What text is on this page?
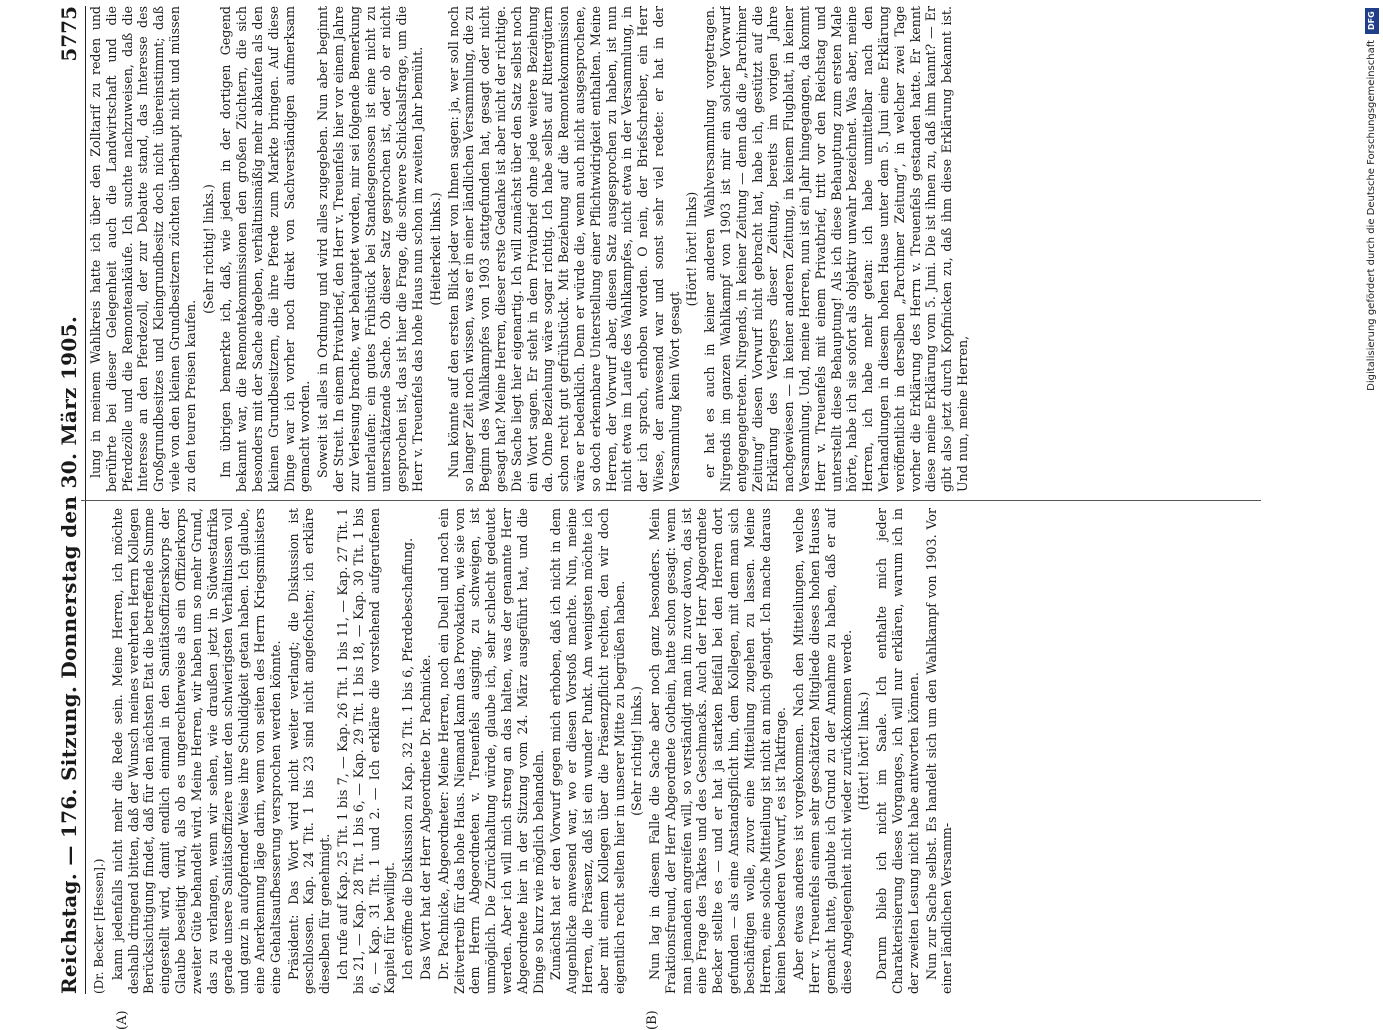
Reichstag. — 176. Sitzung. Donnerstag den 30. März 1905.
5775
(Dr. Becker [Hessen].) kann jedenfalls nicht mehr die Rede sein. Meine Herren, ich möchte deshalb dringend bitten, daß der Wunsch meines verehrten Herrn Kollegen Berücksichtigung findet, daß für den nächsten Etat die betreffende Summe eingestellt wird, damit endlich einmal in den Sanitätsoffizierskorps der Glaube beseitigt wird, als ob es ungerechterweise als ein Offizierkorps zweiter Güte behandelt wird. Meine Herren, wir haben um so mehr Grund, das zu verlangen, wenn wir sehen, wie draußen jetzt in Südwestafrika gerade unsere Sanitätsoffiziere unter den schwierigsten Verhältnissen voll und ganz in aufopfernder Weise ihre Schuldigkeit getan haben. Ich glaube, eine Anerkennung läge darin, wenn von seiten des Herrn Kriegsministers eine Gehaltsaufbesserung versprochen werden könnte. Präsident: Das Wort wird nicht weiter verlangt; die Diskussion ist geschlossen. Kap. 24 Tit. 1 bis 23 sind nicht angefochten; ich erkläre dieselben für genehmigt. Ich rufe auf Kap. 25 Tit. 1 bis 7, — Kap. 26 Tit. 1 bis 11, — Kap. 27 Tit. 1 bis 21, — Kap. 28 Tit. 1 bis 6, — Kap. 29 Tit. 1 bis 18, — Kap. 30 Tit. 1 bis 6, — Kap. 31 Tit. 1 und 2. — Ich erkläre die vorstehend aufgerufenen Kapitel für bewilligt. Ich eröffne die Diskussion zu Kap. 32 Tit. 1 bis 6, Pferdebeschaffung. Das Wort hat der Herr Abgeordnete Dr. Pachnicke. Dr. Pachnicke, Abgeordneter: Meine Herren, noch ein Duell und noch ein Zeitvertreib für das hohe Haus. Niemand kann das Provokation, wie sie von dem Herrn Abgeordneten v. Treuenfels ausging, zu schweigen, ist unmöglich. Die Zurückhaltung würde, glaube ich, sehr schlecht gedeutet werden. Aber ich will mich streng an das halten, was der genannte Herr Abgeordnete hier in der Sitzung vom 24. März ausgeführt hat, und die Dinge so kurz wie möglich behandeln. Zunächst hat er den Vorwurf gegen mich erhoben, daß ich nicht in dem Augenblicke anwesend war, wo er diesen Vorstoß machte. Nun, meine Herren, die Präsenz, daß ist ein wunder Punkt. Am wenigsten möchte ich aber mit einem Kollegen über die Präsenzpflicht rechten, den wir doch eigentlich recht selten hier in unserer Mitte zu begrüßen haben. (Sehr richtig! links.) Nun lag in diesem Falle die Sache aber noch ganz besonders. Mein Fraktionsfreund, der Herr Abgeordnete Gothein, hatte schon gesagt: wenn man jemanden angreifen will, so verständigt man ihn zuvor davon, das ist eine Frage des Taktes und des Geschmacks. Auch der Herr Abgeordnete Becker stellte es — und er hat ja starken Beifall bei den Herren dort gefunden — als eine Anstandspflicht hin, dem Kollegen, mit dem man sich beschäftigen wolle, zuvor eine Mitteilung zugehen zu lassen. Meine Herren, eine solche Mitteilung ist nicht an mich gelangt. Ich mache daraus keinen besonderen Vorwurf, es ist Taktfrage. Aber etwas anderes ist vorgekommen. Nach den Mitteilungen, welche Herr v. Treuenfels einem sehr geschätzten Mitgliede dieses hohen Hauses gemacht hatte, glaubte ich Grund zu der Annahme zu haben, daß er auf diese Angelegenheit nicht wieder zurückkommen werde. (Hört! hört! links.) Darum blieb ich nicht im Saale. Ich enthalte mich jeder Charakterisierung dieses Vorganges, ich will nur erklären, warum ich in der zweiten Lesung nicht habe antworten können. Nun zur Sache selbst. Es handelt sich um den Wahlkampf von 1903. Vor einer ländlichen Versamm-

lung in meinem Wahlkreis hatte ich über den Zolltarif zu reden und berührte bei dieser Gelegenheit auch die Landwirtschaft und die Pferdezölle und die Remonteankäufe. Ich suchte nachzuweisen, daß die Interesse an den Pferdezoll, der zur Debatte stand, das Interesse des Großgrundbesitzes und Kleingrundbesitz doch nicht übereinstimmt; daß viele von den kleinen Grundbesitzern züchten überhaupt nicht und müssen zu den teuren Preisen kaufen.

(Sehr richtig! links.) Im übrigen bemerkte ich, daß, wie jedem in der dortigen Gegend bekannt war, die Remontekommissionen den großen Züchtern, die sich besonders mit der Sache abgeben, verhältnismäßig mehr abkaufen als den kleinen Grundbesitzern, die ihre Pferde zum Markte bringen. Auf diese Dinge war ich vorher noch direkt von Sachverständigen aufmerksam gemacht worden. Soweit ist alles in Ordnung und wird alles zugegeben. Nun aber beginnt der Streit. In einem Privatbrief, den Herr v. Treuenfels hier vor einem Jahre zur Verlesung brachte, war behauptet worden, mir sei folgende Bemerkung unterlaufen: ein gutes Frühstück bei Standesgenossen ist eine nicht zu unterschätzende Sache. Ob dieser Satz gesprochen ist, oder ob er nicht gesprochen ist, das ist hier die Frage, die schwere Schicksalsfrage, um die Herr v. Treuenfels das hohe Haus nun schon im zweiten Jahr bemüht. (Heiterkeit links.) Nun könnte auf den ersten Blick jeder von Ihnen sagen: ja, wer soll noch so langer Zeit noch wissen, was er in einer ländlichen Versammlung, die zu Beginn des Wahlkampfes von 1903 stattgefunden hat, gesagt oder nicht gesagt hat? Meine Herren, dieser erste Gedanke ist aber nicht der richtige. Die Sache liegt hier eigenartig. Ich will zunächst über den Satz selbst noch ein Wort sagen. Er steht in dem Privatbrief ohne jede weitere Beziehung da. Ohne Beziehung wäre sogar richtig. Ich habe selbst auf Rittergütern schon recht gut gefrühstückt. Mit Beziehung auf die Remontekommission wäre er bedenklich. Denn er würde die, wenn auch nicht ausgesprochene, so doch erkennbare Unterstellung einer Pflichtwidrigkeit enthalten. Meine Herren, der Vorwurf aber, diesen Satz ausgesprochen zu haben, ist nun nicht etwa im Laufe des Wahlkampfes, nicht etwa in der Versammlung, in der ich sprach, erhoben worden. O nein, der Briefschreiber, ein Herr Wiese, der anwesend war und sonst sehr viel redete: er hat in der Versammlung kein Wort gesagt

(Hört! hört! links) er hat es auch in keiner anderen Wahlversammlung vorgetragen. Nirgends im ganzen Wahlkampf von 1903 ist mir ein solcher Vorwurf entgegengetreten. Nirgends, in keiner Zeitung — denn daß die „Parchimer Zeitung“ diesen Vorwurf nicht gebracht hat, habe ich, gestützt auf die Erklärung des Verlegers dieser Zeitung, bereits im vorigen Jahre nachgewiesen — in keiner anderen Zeitung, in keinem Flugblatt, in keiner Versammlung. Und, meine Herren, nun ist ein Jahr hingegangen, da kommt Herr v. Treuenfels mit einem Privatbrief, tritt vor den Reichstag und unterstellt diese Behauptung! Als ich diese Behauptung zum ersten Male hörte, habe ich sie sofort als objektiv unwahr bezeichnet. Was aber, meine Herren, ich habe mehr getan: ich habe unmittelbar nach den Verhandlungen in diesem hohen Hause unter dem 5. Juni eine Erklärung veröffentlicht in derselben „Parchimer Zeitung“, in welcher zwei Tage vorher die Erklärung des Herrn v. Treuenfels gestanden hatte. Er kennt diese meine Erklärung vom 5. Juni. Die ist ihnen zu, daß ihm kannt? — Er gibt also jetzt durch Kopfnicken zu, daß ihm diese Erklärung bekannt ist. Und nun, meine Herren,

(A)	(B)
DFG
Digitalisierung gefördert durch die Deutsche Forschungsgemeinschaft
